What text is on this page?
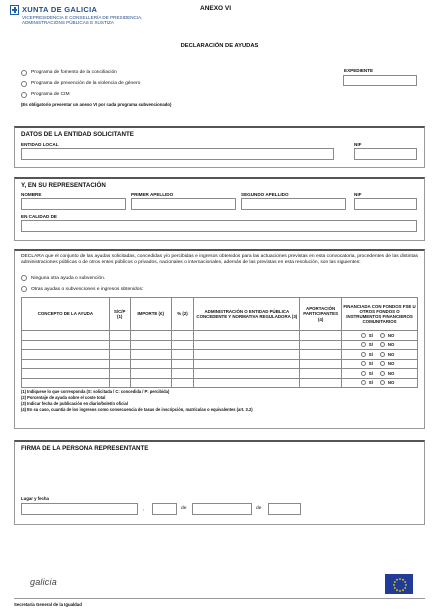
XUNTA DE GALICIA
VICEPRESIDENCIA E CONSELLERÍA DE PRESIDENCIA,
ADMINISTRACIÓNS PÚBLICAS E XUSTIZA
ANEXO VI
DECLARACIÓN DE AYUDAS
Programa de fomento de la conciliación
Programa de prevención de la violencia de género
Programa de CIM
(Es obligatorio presentar un anexo VI por cada programa subvencionado)
EXPEDIENTE
DATOS DE LA ENTIDAD SOLICITANTE
ENTIDAD LOCAL	NIF
Y, EN SU REPRESENTACIÓN
NOMBRE	PRIMER APELLIDO	SEGUNDO APELLIDO	NIF
EN CALIDAD DE
DECLARA que el conjunto de las ayudas solicitadas, concedidas y/o percibidas e ingresos obtenidos para las actuaciones previstas en esta convocatoria, procedentes de las distintas administraciones públicas o de otros entes públicos o privados, nacionales o internacionales, además de las previstas en esta resolución, son las siguientes:
Ninguna otra ayuda o subvención.
Otras ayudas o subvenciones e ingresos obtenidos:
CONCEPTO DE LA AYUDA	S/C/P (1)	IMPORTE (€)	% (2)	ADMINISTRACIÓN O ENTIDAD PÚBLICA CONCEDENTE Y NORMATIVA REGULADORA (3)	APORTACIÓN PARTICIPANTES (4)	FINANCIADA CON FONDOS FSE U OTROS FONDOS O INSTRUMENTOS FINANCIEROS COMUNITARIOS

						SÍ NO

						SÍ NO

						SÍ NO

						SÍ NO

						SÍ NO

						SÍ NO
(1) Indíquese lo que corresponda (S: solicitada / C: concedida / P: percibida)
(2) Porcentaje de ayuda sobre el coste total
(3) Indicar fecha de publicación en diario/boletín oficial
(4) En su caso, cuantía de los ingresos como consecuencia de tasas de inscripción, matrículas o equivalentes (art. 3.2)
FIRMA DE LA PERSONA REPRESENTANTE
Lugar y fecha
,	de	de
galicia
Secretaría General de la Igualdad
